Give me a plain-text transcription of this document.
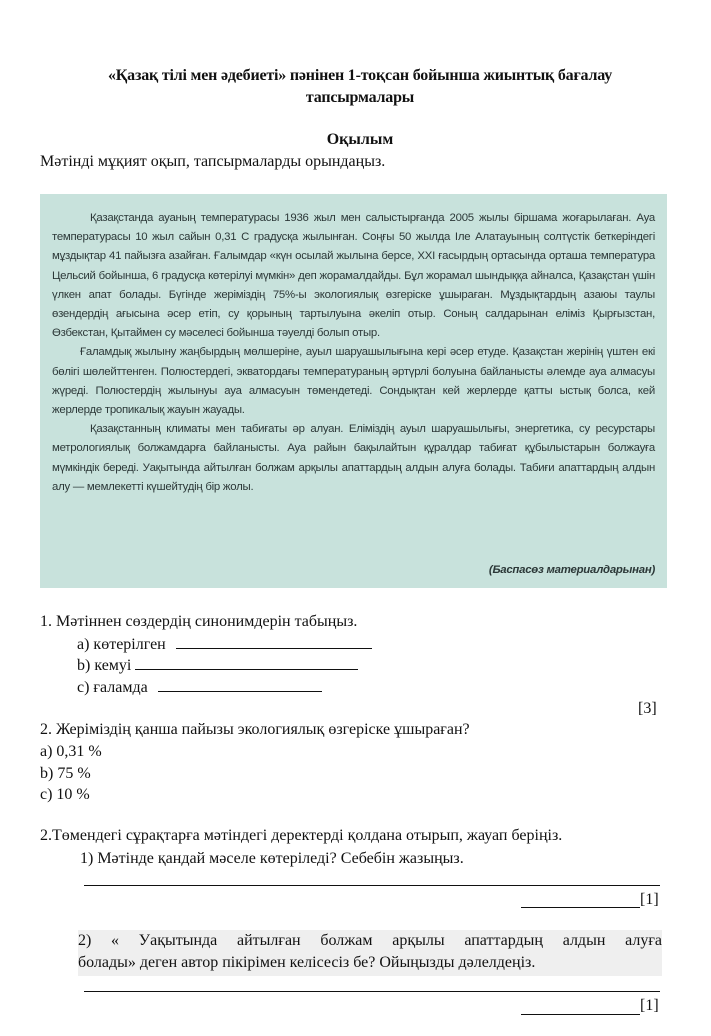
«Қазақ тілі мен әдебиеті» пәнінен 1-тоқсан бойынша жиынтық бағалау
тапсырмалары
Оқылым
Мәтінді мұқият оқып, тапсырмаларды орындаңыз.

Қазақстанда ауаның температурасы 1936 жыл мен салыстырғанда 2005 жылы біршама жоғарылаған. Ауа температурасы 10 жыл сайын 0,31 С градусқа жылынған. Соңғы 50 жылда Іле Алатауының солтүстік беткеріндегі мұздықтар 41 пайызға азайған. Ғалымдар «күн осылай жылына берсе, XXI ғасырдың ортасында орташа температура Цельсий бойынша, 6 градусқа көтерілуі мүмкін» деп жорамалдайды. Бұл жорамал шындыққа айналса, Қазақстан үшін үлкен апат болады. Бүгінде жеріміздің 75%-ы экологиялық өзгеріске ұшыраған. Мұздықтардың азаюы таулы өзендердің ағысына әсер етіп, су қорының тартылуына әкеліп отыр. Соның салдарынан еліміз Қырғызстан, Өзбекстан, Қытаймен су мәселесі бойынша тәуелді болып отыр.

Ғаламдық жылыну жаңбырдың мөлшеріне, ауыл шаруашылығына кері әсер етуде. Қазақстан жерінің үштен екі бөлігі шөлейттенген. Полюстердегі, экватордағы температураның әртүрлі болуына байланысты әлемде ауа алмасуы жүреді. Полюстердің жылынуы ауа алмасуын төмендетеді. Сондықтан кей жерлерде қатты ыстық болса, кей жерлерде тропикалық жауын жауады.

Қазақстанның климаты мен табиғаты әр алуан. Еліміздің ауыл шаруашылығы, энергетика, су ресурстары метрологиялық болжамдарға байланысты. Ауа райын бақылайтын құралдар табиғат құбылыстарын болжауға мүмкіндік береді. Уақытында айтылған болжам арқылы апаттардың алдын алуға болады. Табиғи апаттардың алдын алу — мемлекетті күшейтудің бір жолы.

(Баспасөз материалдарынан)
1. Мәтіннен сөздердің синонимдерін табыңыз.
a) көтерілген
b) кемуі
c) ғаламда
[3]
2. Жеріміздің қанша пайызы экологиялық өзгеріске ұшыраған?
а) 0,31 %
b) 75 %
c) 10 %
2.Төмендегі сұрақтарға мәтіндегі деректерді қолдана отырып, жауап беріңіз.
1) Мәтінде қандай мәселе көтеріледі? Себебін жазыңыз.
[1]
2) « Уақытында айтылған болжам арқылы апаттардың алдын алуға
болады» деген автор пікірімен келісесіз бе? Ойыңызды дәлелдеңіз.
[1]
